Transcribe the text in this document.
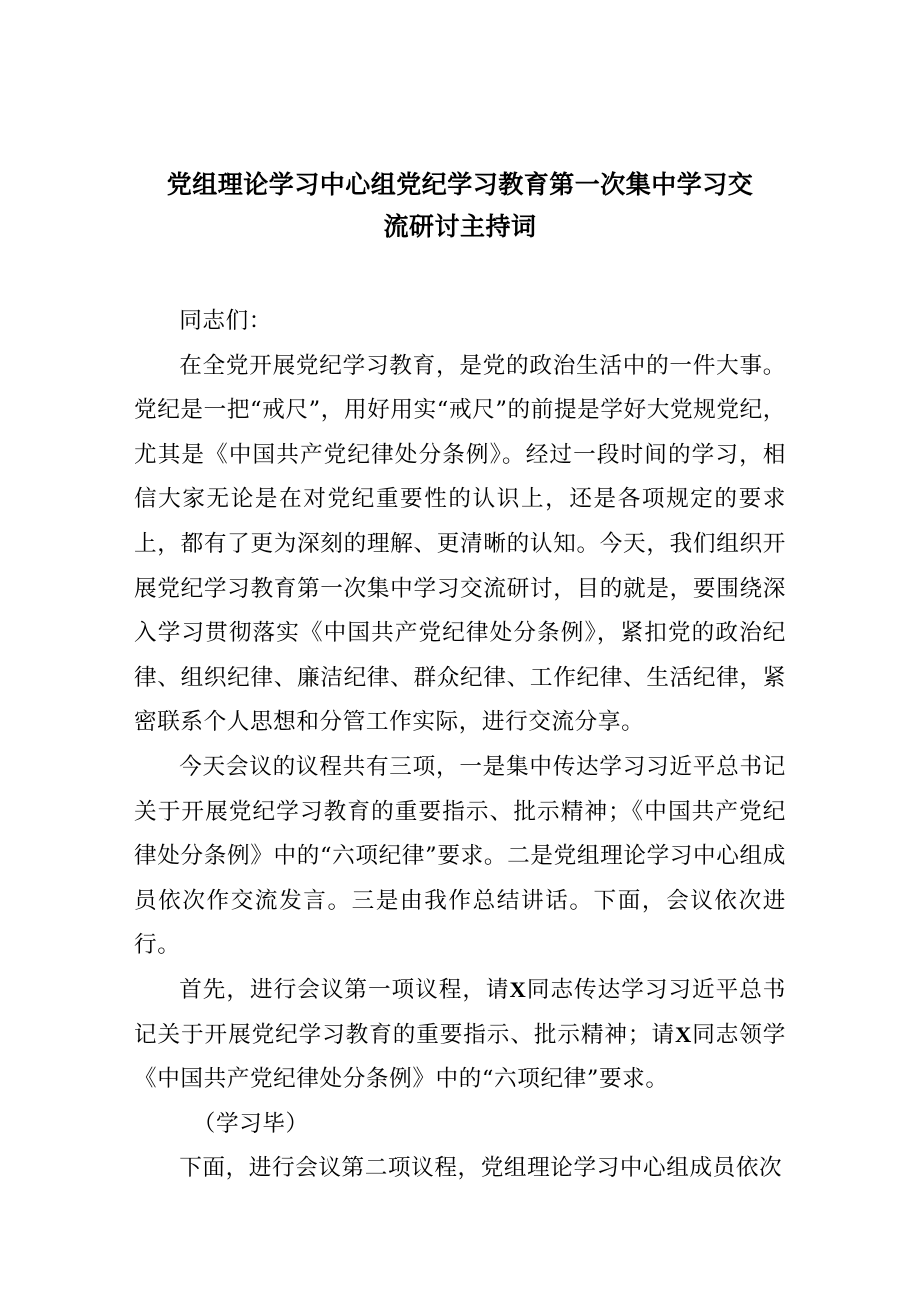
党组理论学习中心组党纪学习教育第一次集中学习交
流研讨主持词

同志们：

在全党开展党纪学习教育，是党的政治生活中的一件大事。党纪是一把“戒尺”，用好用实“戒尺”的前提是学好大党规党纪，尤其是《中国共产党纪律处分条例》。经过一段时间的学习，相信大家无论是在对党纪重要性的认识上，还是各项规定的要求上，都有了更为深刻的理解、更清晰的认知。今天，我们组织开展党纪学习教育第一次集中学习交流研讨，目的就是，要围绕深入学习贯彻落实《中国共产党纪律处分条例》，紧扣党的政治纪律、组织纪律、廉洁纪律、群众纪律、工作纪律、生活纪律，紧密联系个人思想和分管工作实际，进行交流分享。

今天会议的议程共有三项，一是集中传达学习习近平总书记关于开展党纪学习教育的重要指示、批示精神；《中国共产党纪律处分条例》中的“六项纪律”要求。二是党组理论学习中心组成员依次作交流发言。三是由我作总结讲话。下面，会议依次进行。

首先，进行会议第一项议程，请X同志传达学习习近平总书记关于开展党纪学习教育的重要指示、批示精神；请X同志领学《中国共产党纪律处分条例》中的“六项纪律”要求。

（学习毕）

下面，进行会议第二项议程，党组理论学习中心组成员依次
